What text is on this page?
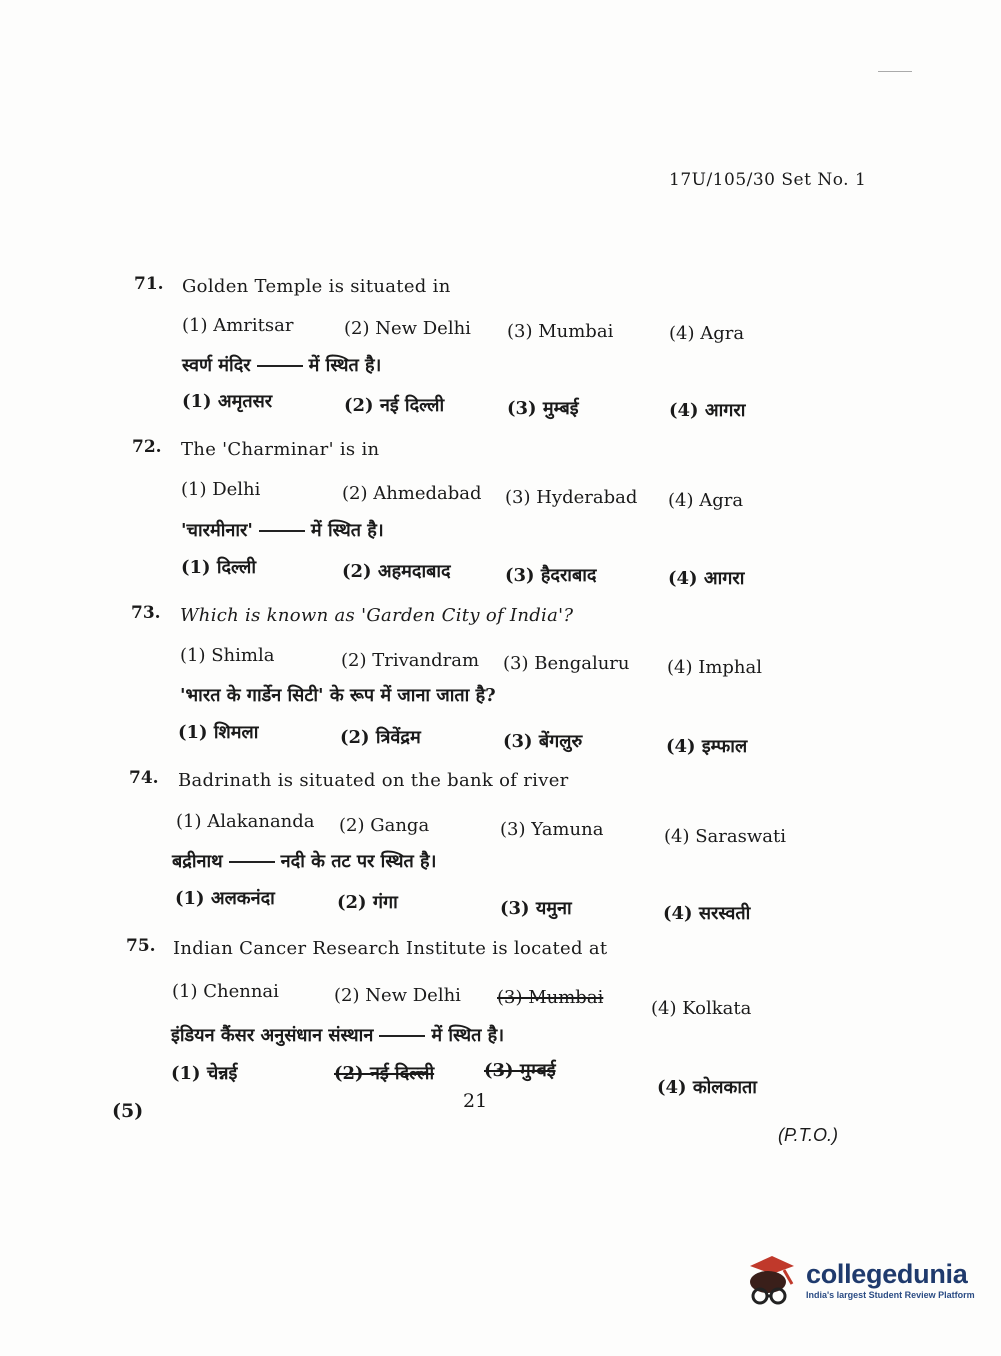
17U/105/30 Set No. 1
71. Golden Temple is situated in
(1) Amritsar	(2) New Delhi (3) Mumbai	(4) Agra
स्वर्ण मंदिर	में स्थित है।
(1) अमृतसर	(2) नई दिल्ली	(3) मुम्बई	(4) आगरा
72. The 'Charminar' is in
(1) Delhi	(2) Ahmedabad (3) Hyderabad (4) Agra
'चारमीनार'	में स्थित है।
(1) दिल्ली	(2) अहमदाबाद	(3) हैदराबाद	(4) आगरा
73. Which is known as 'Garden City of India'?
(1) Shimla	(2) Trivandram (3) Bengaluru (4) Imphal
'भारत के गार्डेन सिटी' के रूप में जाना जाता है?
(1) शिमला	(2) त्रिवेंद्रम	(3) बेंगलुरु	(4) इम्फाल
74. Badrinath is situated on the bank of river
(1) Alakananda (2) Ganga	(3) Yamuna	(4) Saraswati
बद्रीनाथ	नदी के तट पर स्थित है।
(1) अलकनंदा	(2) गंगा	(3) यमुना	(4) सरस्वती
75. Indian Cancer Research Institute is located at
(1) Chennai	(2) New Delhi (3) Mumbai
(4) Kolkata
इंडियन कैंसर अनुसंधान संस्थान	में स्थित है।
(1) चेन्नई	(2) नई दिल्ली	(3) मुम्बई
(4) कोलकाता
(5)	21
(P.T.O.)
collegedunia
India's largest Student Review Platform
